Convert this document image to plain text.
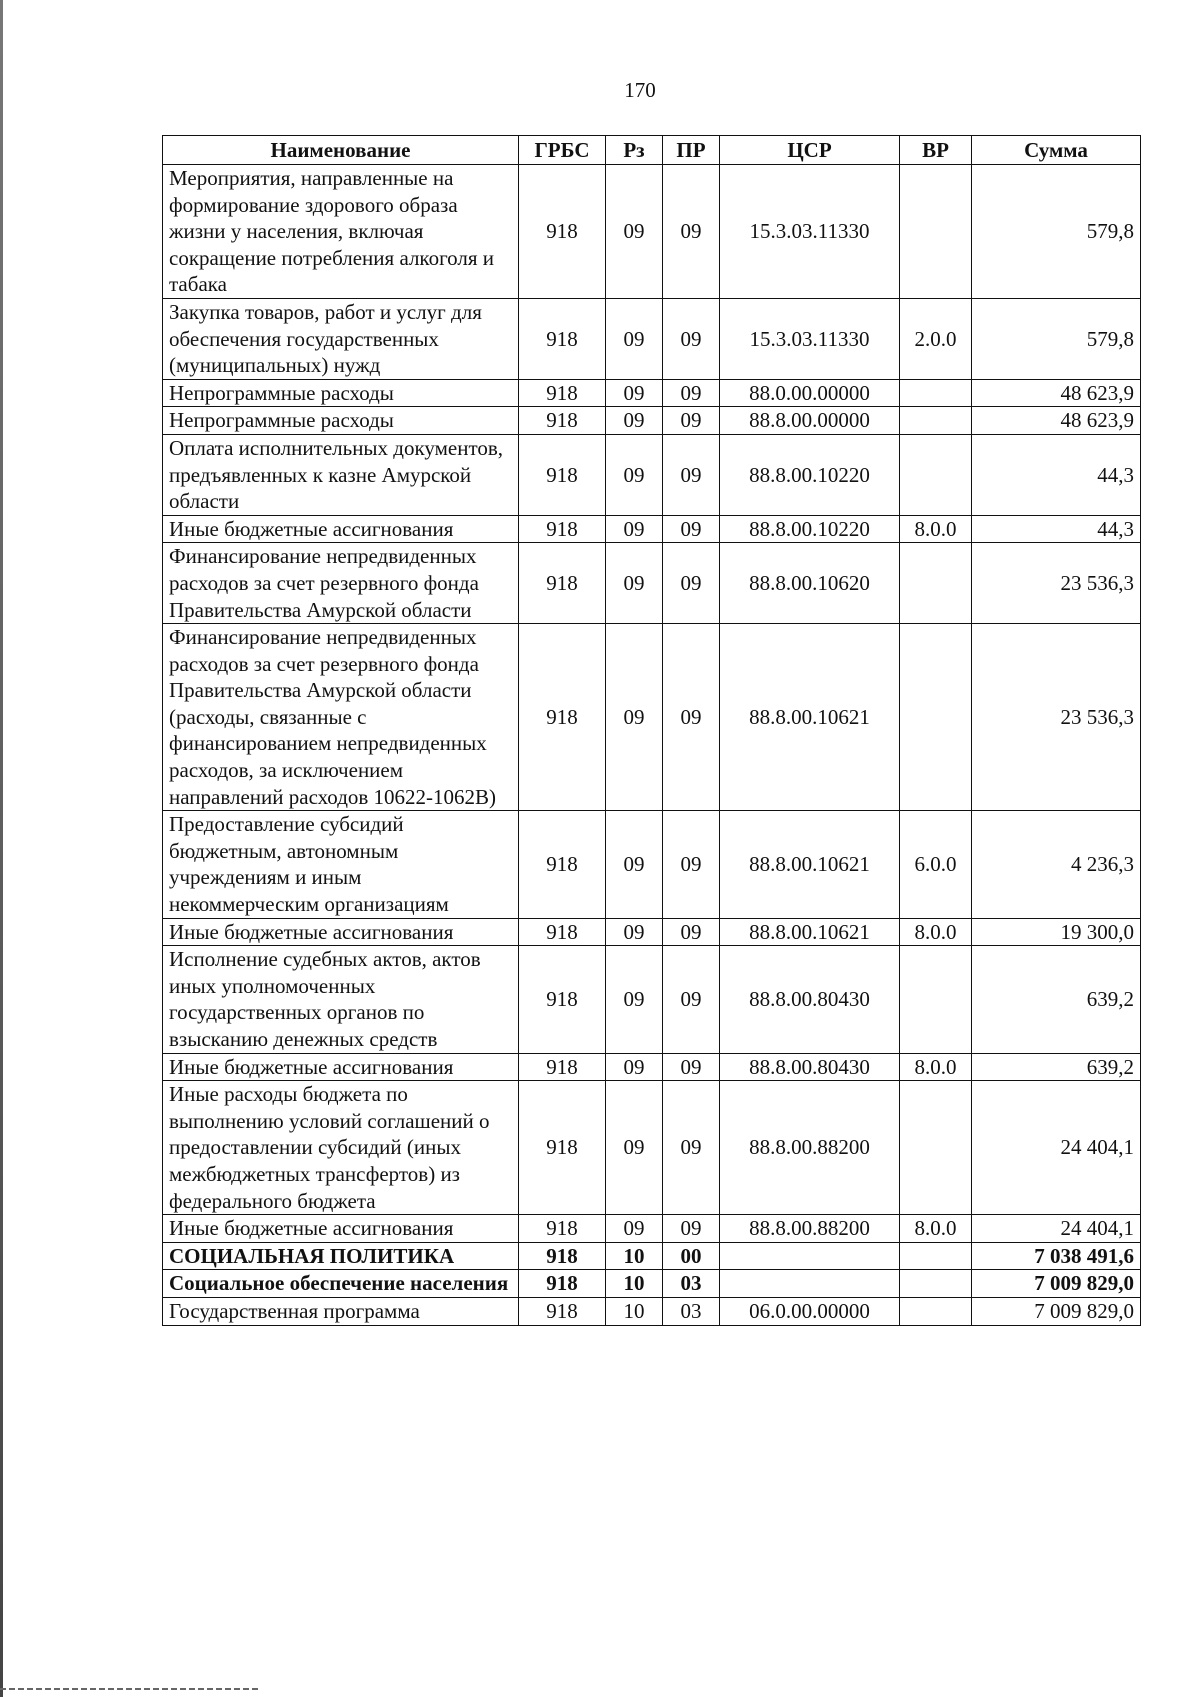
170
Наименование	ГРБС	Рз	ПР	ЦСР	ВР	Сумма
Мероприятия, направленные на формирование здорового образа жизни у населения, включая сокращение потребления алкоголя и табака	918	09	09	15.3.03.11330		579,8
Закупка товаров, работ и услуг для обеспечения государственных (муниципальных) нужд	918	09	09	15.3.03.11330	2.0.0	579,8
Непрограммные расходы	918	09	09	88.0.00.00000		48 623,9
Непрограммные расходы	918	09	09	88.8.00.00000		48 623,9
Оплата исполнительных документов, предъявленных к казне Амурской области	918	09	09	88.8.00.10220		44,3
Иные бюджетные ассигнования	918	09	09	88.8.00.10220	8.0.0	44,3
Финансирование непредвиденных расходов за счет резервного фонда Правительства Амурской области	918	09	09	88.8.00.10620		23 536,3
Финансирование непредвиденных расходов за счет резервного фонда Правительства Амурской области (расходы, связанные с финансированием непредвиденных расходов, за исключением направлений расходов 10622-1062В)	918	09	09	88.8.00.10621		23 536,3
Предоставление субсидий бюджетным, автономным учреждениям и иным некоммерческим организациям	918	09	09	88.8.00.10621	6.0.0	4 236,3
Иные бюджетные ассигнования	918	09	09	88.8.00.10621	8.0.0	19 300,0
Исполнение судебных актов, актов иных уполномоченных государственных органов по взысканию денежных средств	918	09	09	88.8.00.80430		639,2
Иные бюджетные ассигнования	918	09	09	88.8.00.80430	8.0.0	639,2
Иные расходы бюджета по выполнению условий соглашений о предоставлении субсидий (иных межбюджетных трансфертов) из федерального бюджета	918	09	09	88.8.00.88200		24 404,1
Иные бюджетные ассигнования	918	09	09	88.8.00.88200	8.0.0	24 404,1
СОЦИАЛЬНАЯ ПОЛИТИКА	918	10	00			7 038 491,6
Социальное обеспечение населения	918	10	03			7 009 829,0
Государственная программа	918	10	03	06.0.00.00000		7 009 829,0
